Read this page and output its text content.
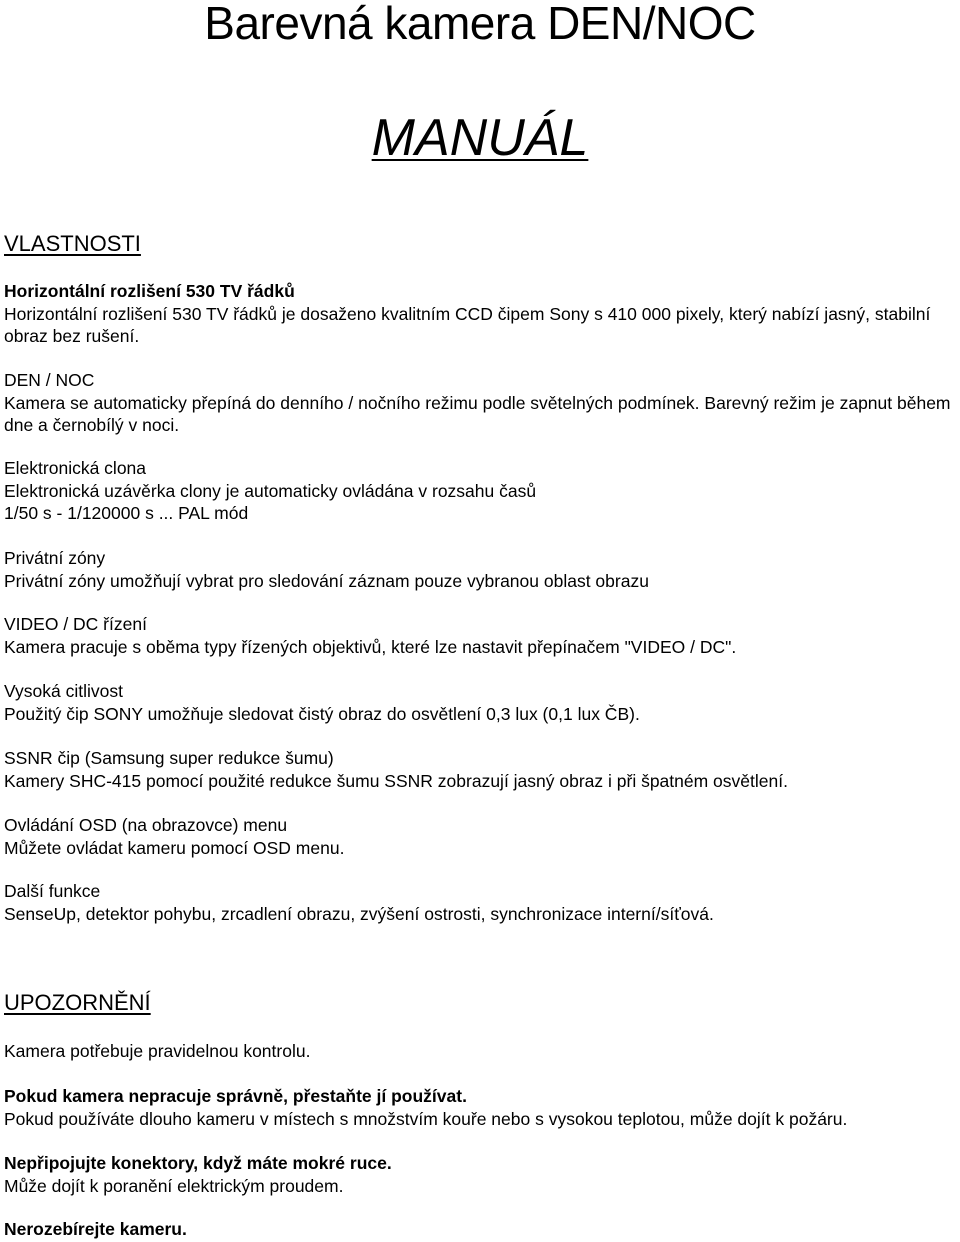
Barevná kamera DEN/NOC
MANUÁL
VLASTNOSTI
Horizontální rozlišení 530 TV řádků
Horizontální rozlišení 530 TV řádků je dosaženo kvalitním CCD čipem Sony s 410 000 pixely, který nabízí jasný, stabilní obraz bez rušení.
DEN / NOC
Kamera se automaticky přepíná do denního / nočního režimu podle světelných podmínek. Barevný režim je zapnut během dne a černobílý v noci.
Elektronická clona
Elektronická uzávěrka clony je automaticky ovládána v rozsahu časů
1/50 s - 1/120000 s ... PAL mód
Privátní zóny
Privátní zóny umožňují vybrat pro sledování záznam pouze vybranou oblast obrazu
VIDEO / DC řízení
Kamera pracuje s oběma typy řízených objektivů, které lze nastavit přepínačem "VIDEO / DC".
Vysoká citlivost
Použitý čip SONY umožňuje sledovat čistý obraz do osvětlení 0,3 lux (0,1 lux ČB).
SSNR čip (Samsung super redukce šumu)
Kamery SHC-415 pomocí použité redukce šumu SSNR zobrazují jasný obraz i při špatném osvětlení.
Ovládání OSD (na obrazovce) menu
Můžete ovládat kameru pomocí OSD menu.
Další funkce
SenseUp, detektor pohybu, zrcadlení obrazu, zvýšení ostrosti, synchronizace interní/síťová.
UPOZORNĚNÍ
Kamera potřebuje pravidelnou kontrolu.
Pokud kamera nepracuje správně, přestaňte jí používat.
Pokud používáte dlouho kameru v místech s množstvím kouře nebo s vysokou teplotou, může dojít k požáru.
Nepřipojujte konektory, když máte mokré ruce.
Může dojít k poranění elektrickým proudem.
Nerozebírejte kameru.
